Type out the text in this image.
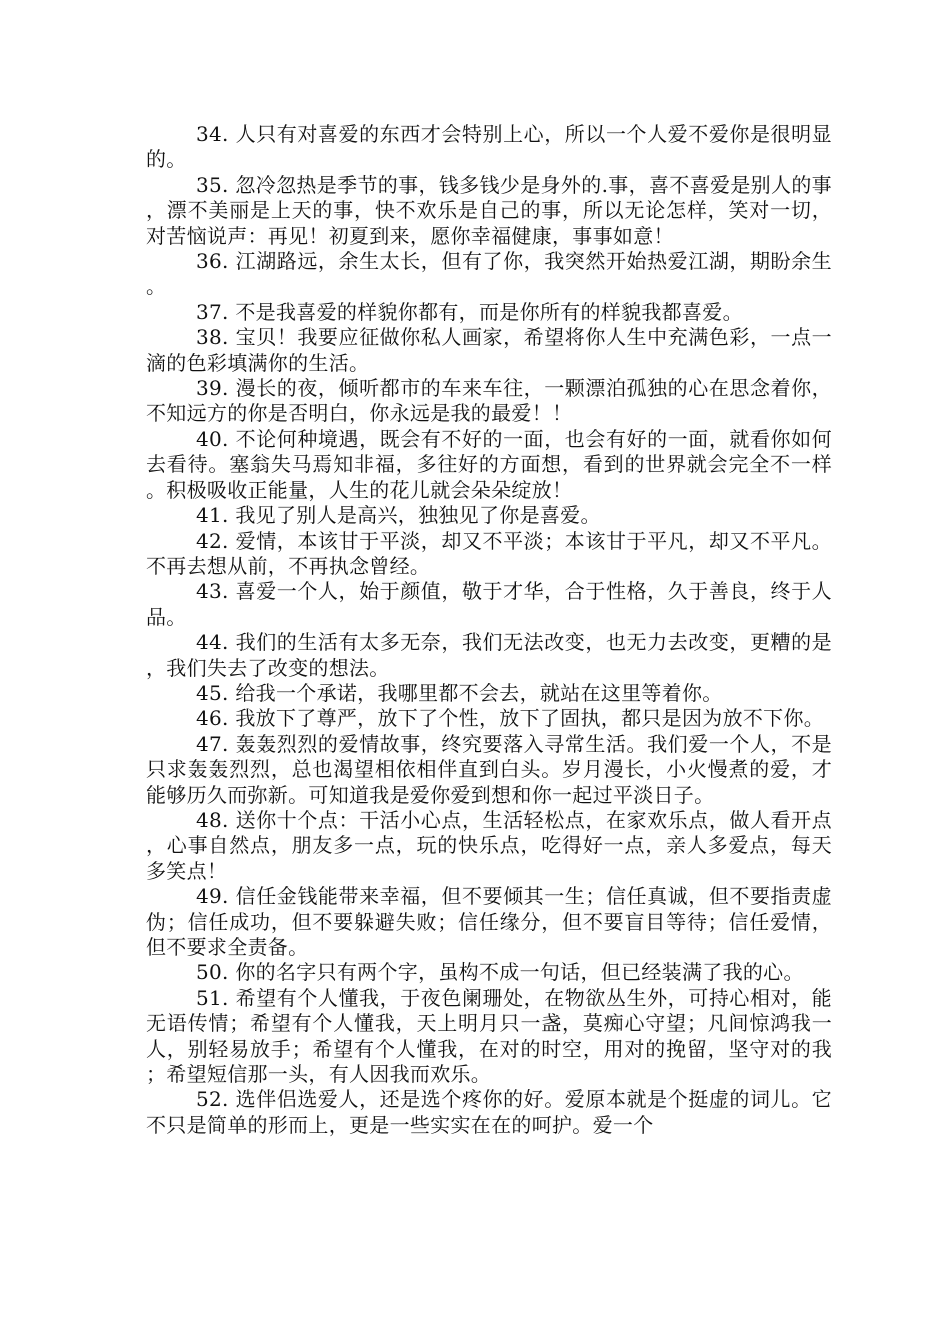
34. 人只有对喜爱的东西才会特别上心，所以一个人爱不爱你是很明显的。

35. 忽冷忽热是季节的事，钱多钱少是身外的.事，喜不喜爱是别人的事，漂不美丽是上天的事，快不欢乐是自己的事，所以无论怎样，笑对一切，对苦恼说声：再见！初夏到来，愿你幸福健康，事事如意！

36. 江湖路远，余生太长，但有了你，我突然开始热爱江湖，期盼余生。

37. 不是我喜爱的样貌你都有，而是你所有的样貌我都喜爱。

38. 宝贝！我要应征做你私人画家，希望将你人生中充满色彩，一点一滴的色彩填满你的生活。

39. 漫长的夜，倾听都市的车来车往，一颗漂泊孤独的心在思念着你，不知远方的你是否明白，你永远是我的最爱！！

40. 不论何种境遇，既会有不好的一面，也会有好的一面，就看你如何去看待。塞翁失马焉知非福，多往好的方面想，看到的世界就会完全不一样。积极吸收正能量，人生的花儿就会朵朵绽放！

41. 我见了别人是高兴，独独见了你是喜爱。

42. 爱情，本该甘于平淡，却又不平淡；本该甘于平凡，却又不平凡。不再去想从前，不再执念曾经。

43. 喜爱一个人，始于颜值，敬于才华，合于性格，久于善良，终于人品。

44. 我们的生活有太多无奈，我们无法改变，也无力去改变，更糟的是，我们失去了改变的想法。

45. 给我一个承诺，我哪里都不会去，就站在这里等着你。

46. 我放下了尊严，放下了个性，放下了固执，都只是因为放不下你。

47. 轰轰烈烈的爱情故事，终究要落入寻常生活。我们爱一个人，不是只求轰轰烈烈，总也渴望相依相伴直到白头。岁月漫长，小火慢煮的爱，才能够历久而弥新。可知道我是爱你爱到想和你一起过平淡日子。

48. 送你十个点：干活小心点，生活轻松点，在家欢乐点，做人看开点，心事自然点，朋友多一点，玩的快乐点，吃得好一点，亲人多爱点，每天多笑点！

49. 信任金钱能带来幸福，但不要倾其一生；信任真诚，但不要指责虚伪；信任成功，但不要躲避失败；信任缘分，但不要盲目等待；信任爱情，但不要求全责备。

50. 你的名字只有两个字，虽构不成一句话，但已经装满了我的心。

51. 希望有个人懂我，于夜色阑珊处，在物欲丛生外，可持心相对，能无语传情；希望有个人懂我，天上明月只一盏，莫痴心守望；凡间惊鸿我一人，别轻易放手；希望有个人懂我，在对的时空，用对的挽留，坚守对的我；希望短信那一头，有人因我而欢乐。

52. 选伴侣选爱人，还是选个疼你的好。爱原本就是个挺虚的词儿。它不只是简单的形而上，更是一些实实在在的呵护。爱一个
